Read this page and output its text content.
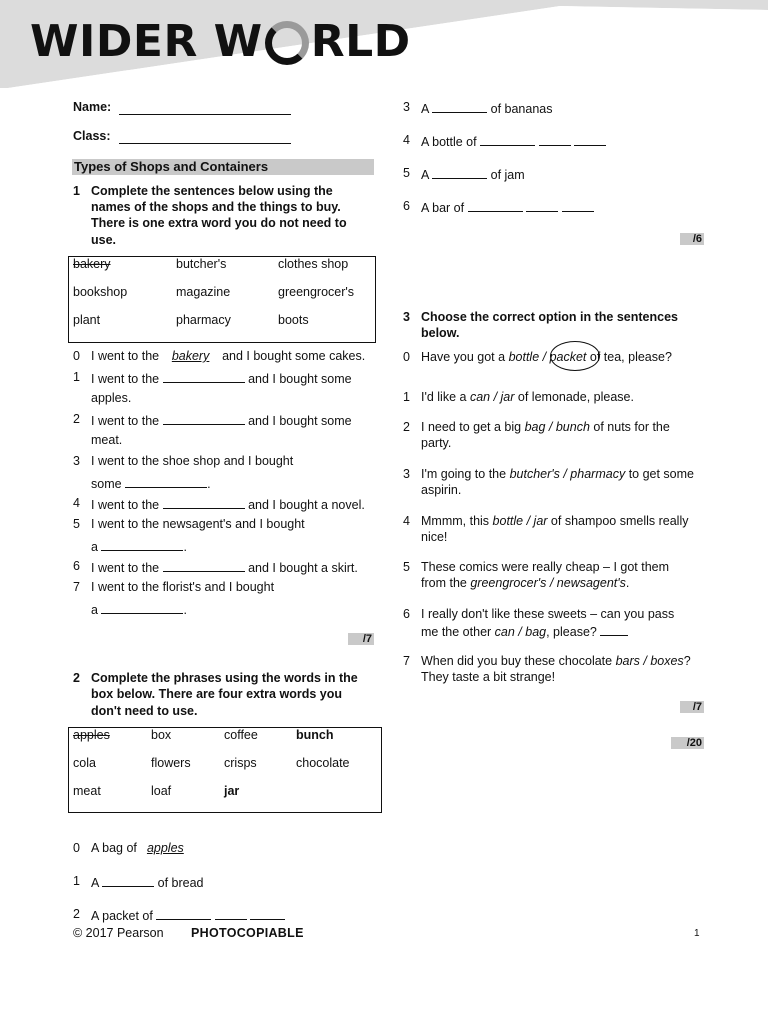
WIDER W RLD
Name:
Class:
Types of Shops and Containers
1 Complete the sentences below using the
names of the shops and the things to buy.
There is one extra word you do not need to
use.
bakery	butcher's	clothes shop
bookshop	magazine	greengrocer's
plant	pharmacy	boots
0 I went to the bakery and I bought some cakes.
1 I went to the	and I bought some
apples.
2 I went to the	and I bought some
meat.
3 I went to the shoe shop and I bought
some	.
4 I went to the	and I bought a novel.
5 I went to the newsagent's and I bought
a	.
6 I went to the	and I bought a skirt.
7 I went to the florist's and I bought
a	.
/7
2 Complete the phrases using the words in the
box below. There are four extra words you
don't need to use.
apples	box	coffee	bunch
cola	flowers	crisps	chocolate
meat	loaf	jar
0 A bag of apples
1 A	of bread
2 A packet of
3 A	of bananas
4 A bottle of
5 A	of jam
6 A bar of
/6
3 Choose the correct option in the sentences
below.
0 Have you got a bottle / packet of tea, please?
1 I'd like a can / jar of lemonade, please.
2 I need to get a big bag / bunch of nuts for the
party.
3 I'm going to the butcher's / pharmacy to get some
aspirin.
4 Mmmm, this bottle / jar of shampoo smells really
nice!
5 These comics were really cheap – I got them
from the greengrocer's / newsagent's.
6 I really don't like these sweets – can you pass
me the other can / bag, please?
7 When did you buy these chocolate bars / boxes?
They taste a bit strange!
/7
/20
© 2017 Pearson PHOTOCOPIABLE	1
